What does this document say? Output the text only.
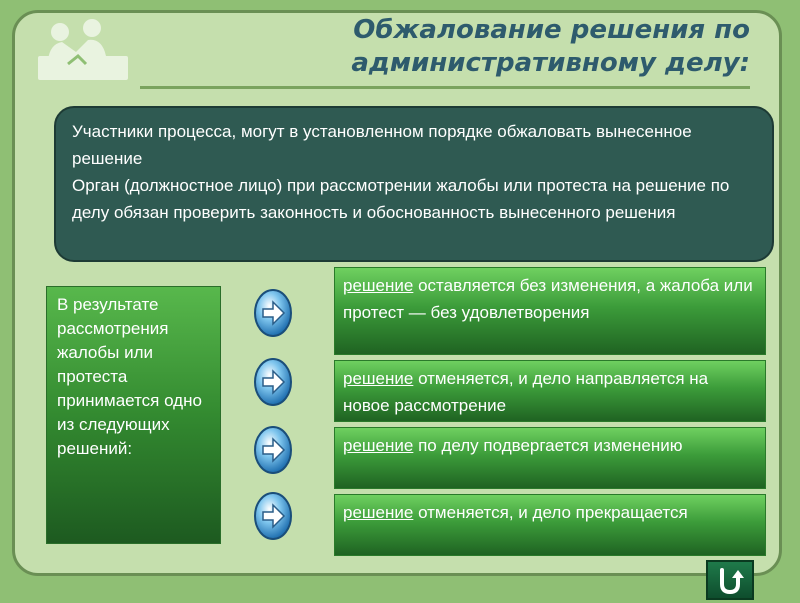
Обжалование решения по
административному делу:

Участники процесса, могут в установленном порядке обжаловать вынесенное решение

Орган (должностное лицо) при рассмотрении жалобы или протеста на решение по делу обязан проверить законность и обоснованность вынесенного решения

В результате рассмотрения жалобы или протеста принимается одно из следующих решений:
решение оставляется без изменения, а жалоба или протест — без удовлетворения
решение отменяется, и дело направляется на новое рассмотрение
решение по делу подвергается изменению
решение отменяется, и дело прекращается
